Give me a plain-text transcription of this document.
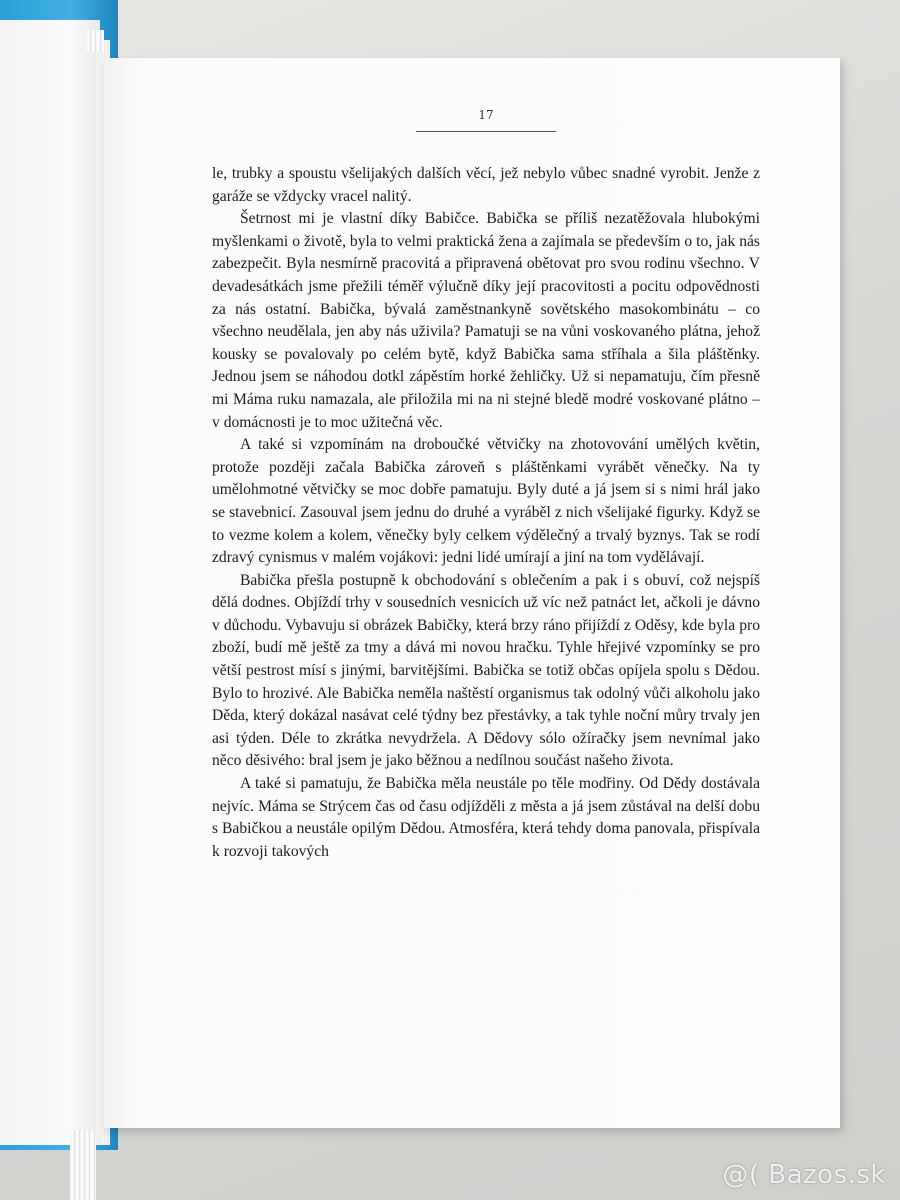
17

le, trubky a spoustu všelijakých dalších věcí, jež nebylo vůbec snadné vyrobit. Jenže z garáže se vždycky vracel nalitý.

Šetrnost mi je vlastní díky Babičce. Babička se příliš nezatěžovala hlubokými myšlenkami o životě, byla to velmi praktická žena a zajímala se především o to, jak nás zabezpečit. Byla nesmírně pracovitá a připravená obětovat pro svou rodinu všechno. V devadesátkách jsme přežili téměř výlučně díky její pracovitosti a pocitu odpovědnosti za nás ostatní. Babička, bývalá zaměstnankyně sovětského masokombinátu – co všechno neudělala, jen aby nás uživila? Pamatuji se na vůni voskovaného plátna, jehož kousky se povalovaly po celém bytě, když Babička sama stříhala a šila pláštěnky. Jednou jsem se náhodou dotkl zápěstím horké žehličky. Už si nepamatuju, čím přesně mi Máma ruku namazala, ale přiložila mi na ni stejné bledě modré voskované plátno – v domácnosti je to moc užitečná věc.

A také si vzpomínám na droboučké větvičky na zhotovování umělých květin, protože později začala Babička zároveň s pláštěnkami vyrábět věnečky. Na ty umělohmotné větvičky se moc dobře pamatuju. Byly duté a já jsem si s nimi hrál jako se stavebnicí. Zasouval jsem jednu do druhé a vyráběl z nich všelijaké figurky. Když se to vezme kolem a kolem, věnečky byly celkem výdělečný a trvalý byznys. Tak se rodí zdravý cynismus v malém vojákovi: jedni lidé umírají a jiní na tom vydělávají.

Babička přešla postupně k obchodování s oblečením a pak i s obuví, což nejspíš dělá dodnes. Objíždí trhy v sousedních vesnicích už víc než patnáct let, ačkoli je dávno v důchodu. Vybavuju si obrázek Babičky, která brzy ráno přijíždí z Oděsy, kde byla pro zboží, budí mě ještě za tmy a dává mi novou hračku. Tyhle hřejivé vzpomínky se pro větší pestrost mísí s jinými, barvitějšími. Babička se totiž občas opíjela spolu s Dědou. Bylo to hrozivé. Ale Babička neměla naštěstí organismus tak odolný vůči alkoholu jako Děda, který dokázal nasávat celé týdny bez přestávky, a tak tyhle noční můry trvaly jen asi týden. Déle to zkrátka nevydržela. A Dědovy sólo ožíračky jsem nevnímal jako něco děsivého: bral jsem je jako běžnou a nedílnou součást našeho života.

A také si pamatuju, že Babička měla neustále po těle modřiny. Od Dědy dostávala nejvíc. Máma se Strýcem čas od času odjížděli z města a já jsem zůstával na delší dobu s Babičkou a neustále opilým Dědou. Atmosféra, která tehdy doma panovala, přispívala k rozvoji takových

@( Bazos.sk
